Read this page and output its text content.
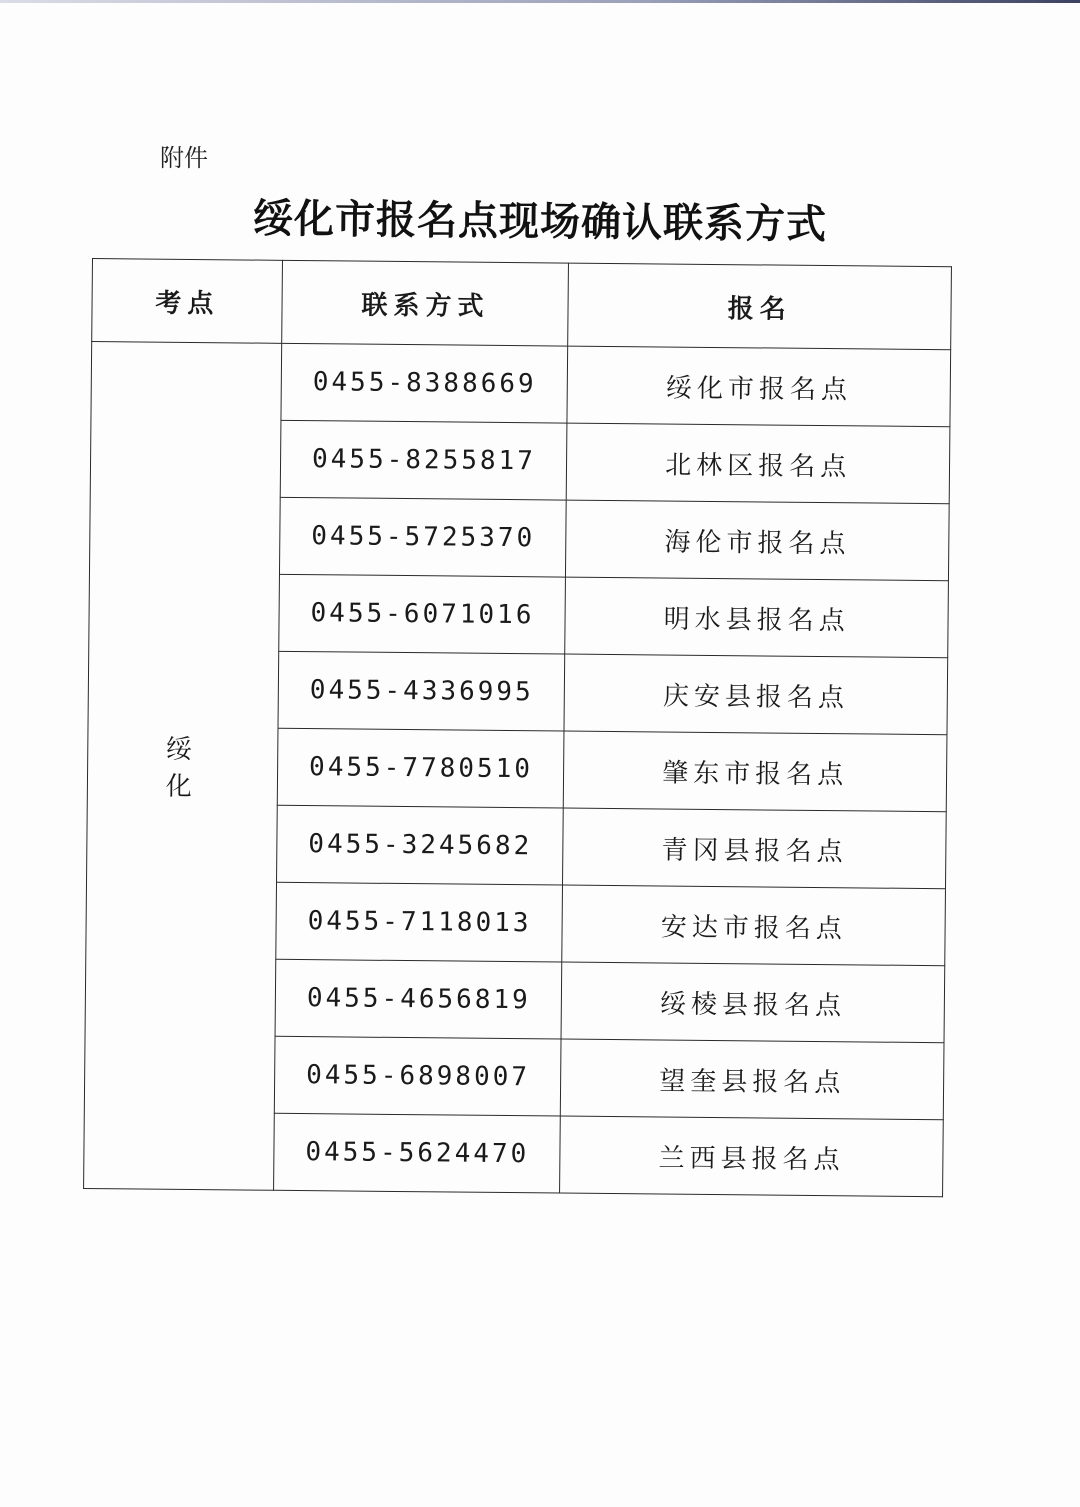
附件
绥化市报名点现场确认联系方式
考点	联系方式	报名
绥 化	0455-8388669	绥化市报名点
	0455-8255817	北林区报名点
	0455-5725370	海伦市报名点
	0455-6071016	明水县报名点
	0455-4336995	庆安县报名点
	0455-7780510	肇东市报名点
	0455-3245682	青冈县报名点
	0455-7118013	安达市报名点
	0455-4656819	绥棱县报名点
	0455-6898007	望奎县报名点
	0455-5624470	兰西县报名点
